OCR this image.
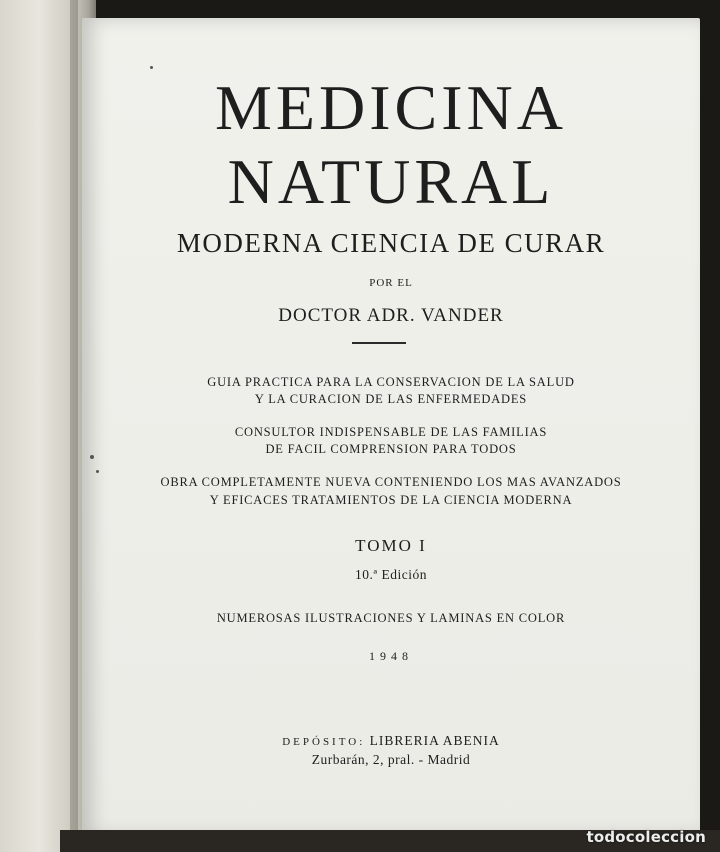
MEDICINA
NATURAL
MODERNA CIENCIA DE CURAR
POR EL
DOCTOR ADR. VANDER
GUIA PRACTICA PARA LA CONSERVACION DE LA SALUD
Y LA CURACION DE LAS ENFERMEDADES
CONSULTOR INDISPENSABLE DE LAS FAMILIAS
DE FACIL COMPRENSION PARA TODOS
OBRA COMPLETAMENTE NUEVA CONTENIENDO LOS MAS AVANZADOS
Y EFICACES TRATAMIENTOS DE LA CIENCIA MODERNA
TOMO I
10.ª Edición
NUMEROSAS ILUSTRACIONES Y LAMINAS EN COLOR
1948
DEPÓSITO: LIBRERIA ABENIA
Zurbarán, 2, pral. - Madrid
todocoleccion
